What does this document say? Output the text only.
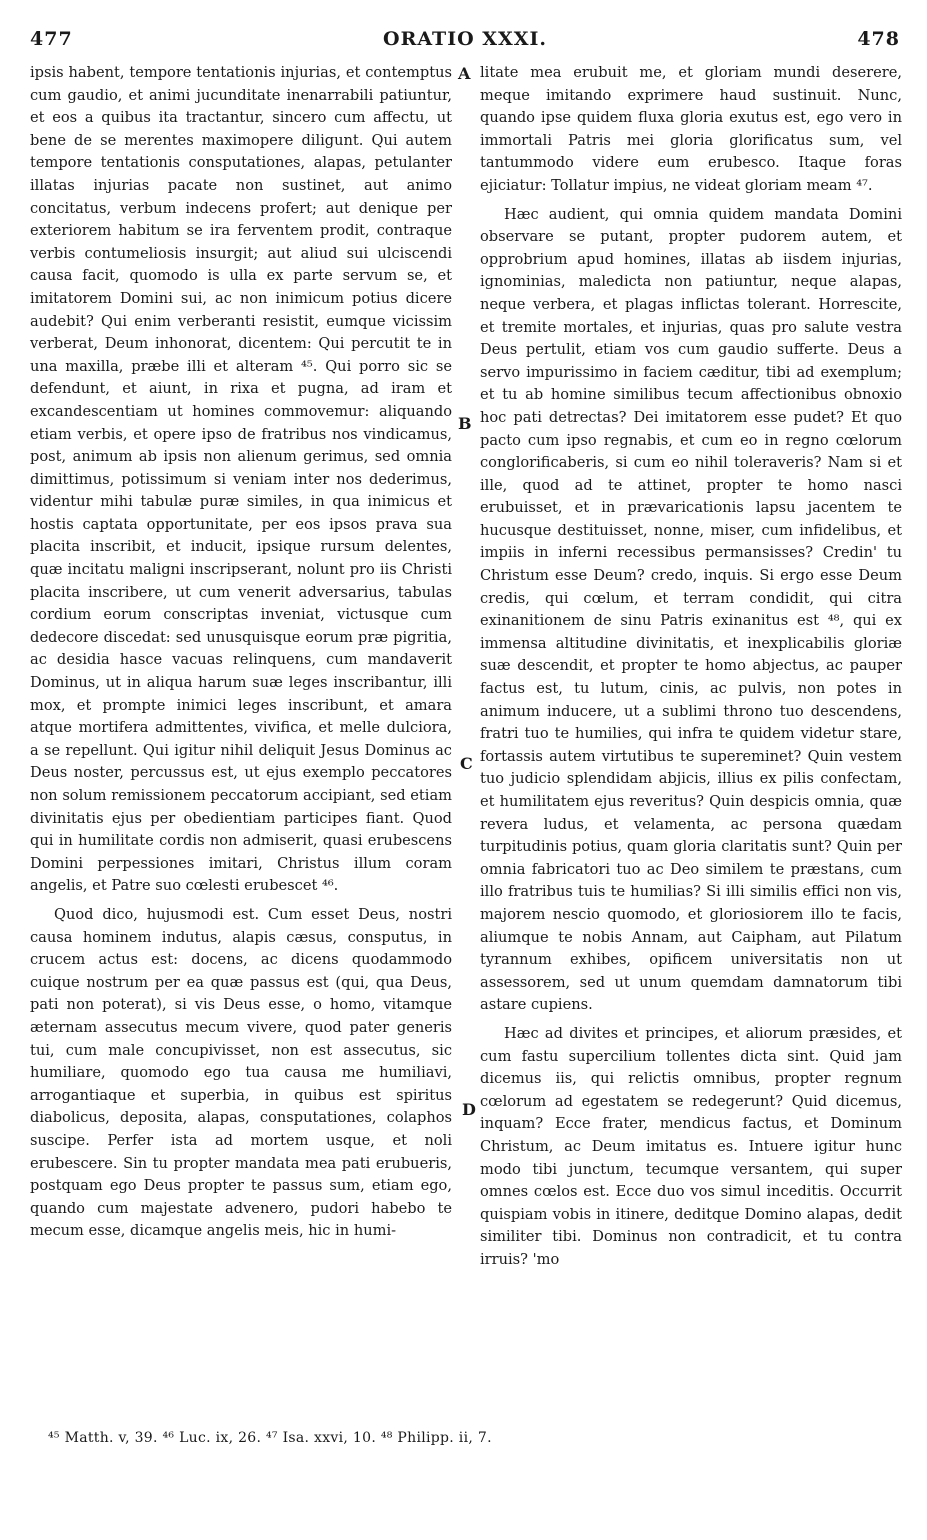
477	ORATIO XXXI.	478

ipsis habent, tempore tentationis injurias, et contemptus cum gaudio, et animi jucunditate inenarrabili patiuntur, et eos a quibus ita tractantur, sincero cum affectu, ut bene de se merentes maximopere diligunt. Qui autem tempore tentationis consputationes, alapas, petulanter illatas injurias pacate non sustinet, aut animo concitatus, verbum indecens profert; aut denique per exteriorem habitum se ira ferventem prodit, contraque verbis contumeliosis insurgit; aut aliud sui ulciscendi causa facit, quomodo is ulla ex parte servum se, et imitatorem Domini sui, ac non inimicum potius dicere audebit? Qui enim verberanti resistit, eumque vicissim verberat, Deum inhonorat, dicentem: Qui percutit te in una maxilla, præbe illi et alteram ⁴⁵. Qui porro sic se defendunt, et aiunt, in rixa et pugna, ad iram et excandescentiam ut homines commovemur: aliquando etiam verbis, et opere ipso de fratribus nos vindicamus, post, animum ab ipsis non alienum gerimus, sed omnia dimittimus, potissimum si veniam inter nos dederimus, videntur mihi tabulæ puræ similes, in qua inimicus et hostis captata opportunitate, per eos ipsos prava sua placita inscribit, et inducit, ipsique rursum delentes, quæ incitatu maligni inscripserant, nolunt pro iis Christi placita inscribere, ut cum venerit adversarius, tabulas cordium eorum conscriptas inveniat, victusque cum dedecore discedat: sed unusquisque eorum præ pigritia, ac desidia hasce vacuas relinquens, cum mandaverit Dominus, ut in aliqua harum suæ leges inscribantur, illi mox, et prompte inimici leges inscribunt, et amara atque mortifera admittentes, vivifica, et melle dulciora, a se repellunt. Qui igitur nihil deliquit Jesus Dominus ac Deus noster, percussus est, ut ejus exemplo peccatores non solum remissionem peccatorum accipiant, sed etiam divinitatis ejus per obedientiam participes fiant. Quod qui in humilitate cordis non admiserit, quasi erubescens Domini perpessiones imitari, Christus illum coram angelis, et Patre suo cœlesti erubescet ⁴⁶.

Quod dico, hujusmodi est. Cum esset Deus, nostri causa hominem indutus, alapis cæsus, consputus, in crucem actus est: docens, ac dicens quodammodo cuique nostrum per ea quæ passus est (qui, qua Deus, pati non poterat), si vis Deus esse, o homo, vitamque æternam assecutus mecum vivere, quod pater generis tui, cum male concupivisset, non est assecutus, sic humiliare, quomodo ego tua causa me humiliavi, arrogantiaque et superbia, in quibus est spiritus diabolicus, deposita, alapas, consputationes, colaphos suscipe. Perfer ista ad mortem usque, et noli erubescere. Sin tu propter mandata mea pati erubueris, postquam ego Deus propter te passus sum, etiam ego, quando cum majestate advenero, pudori habebo te mecum esse, dicamque angelis meis, hic in humi-

litate mea erubuit me, et gloriam mundi deserere, meque imitando exprimere haud sustinuit. Nunc, quando ipse quidem fluxa gloria exutus est, ego vero in immortali Patris mei gloria glorificatus sum, vel tantummodo videre eum erubesco. Itaque foras ejiciatur: Tollatur impius, ne videat gloriam meam ⁴⁷.

Hæc audient, qui omnia quidem mandata Domini observare se putant, propter pudorem autem, et opprobrium apud homines, illatas ab iisdem injurias, ignominias, maledicta non patiuntur, neque alapas, neque verbera, et plagas inflictas tolerant. Horrescite, et tremite mortales, et injurias, quas pro salute vestra Deus pertulit, etiam vos cum gaudio sufferte. Deus a servo impurissimo in faciem cæditur, tibi ad exemplum; et tu ab homine similibus tecum affectionibus obnoxio hoc pati detrectas? Dei imitatorem esse pudet? Et quo pacto cum ipso regnabis, et cum eo in regno cœlorum conglorificaberis, si cum eo nihil toleraveris? Nam si et ille, quod ad te attinet, propter te homo nasci erubuisset, et in prævaricationis lapsu jacentem te hucusque destituisset, nonne, miser, cum infidelibus, et impiis in inferni recessibus permansisses? Credin' tu Christum esse Deum? credo, inquis. Si ergo esse Deum credis, qui cœlum, et terram condidit, qui citra exinanitionem de sinu Patris exinanitus est ⁴⁸, qui ex immensa altitudine divinitatis, et inexplicabilis gloriæ suæ descendit, et propter te homo abjectus, ac pauper factus est, tu lutum, cinis, ac pulvis, non potes in animum inducere, ut a sublimi throno tuo descendens, fratri tuo te humilies, qui infra te quidem videtur stare, fortassis autem virtutibus te supereminet? Quin vestem tuo judicio splendidam abjicis, illius ex pilis confectam, et humilitatem ejus reveritus? Quin despicis omnia, quæ revera ludus, et velamenta, ac persona quædam turpitudinis potius, quam gloria claritatis sunt? Quin per omnia fabricatori tuo ac Deo similem te præstans, cum illo fratribus tuis te humilias? Si illi similis effici non vis, majorem nescio quomodo, et gloriosiorem illo te facis, aliumque te nobis Annam, aut Caipham, aut Pilatum tyrannum exhibes, opificem universitatis non ut assessorem, sed ut unum quemdam damnatorum tibi astare cupiens.

Hæc ad divites et principes, et aliorum præsides, et cum fastu supercilium tollentes dicta sint. Quid jam dicemus iis, qui relictis omnibus, propter regnum cœlorum ad egestatem se redegerunt? Quid dicemus, inquam? Ecce frater, mendicus factus, et Dominum Christum, ac Deum imitatus es. Intuere igitur hunc modo tibi junctum, tecumque versantem, qui super omnes cœlos est. Ecce duo vos simul inceditis. Occurrit quispiam vobis in itinere, deditque Domino alapas, dedit similiter tibi. Dominus non contradicit, et tu contra irruis? 'mo

A
B
C
D
⁴⁵ Matth. v, 39. ⁴⁶ Luc. ix, 26. ⁴⁷ Isa. xxvi, 10. ⁴⁸ Philipp. ii, 7.
